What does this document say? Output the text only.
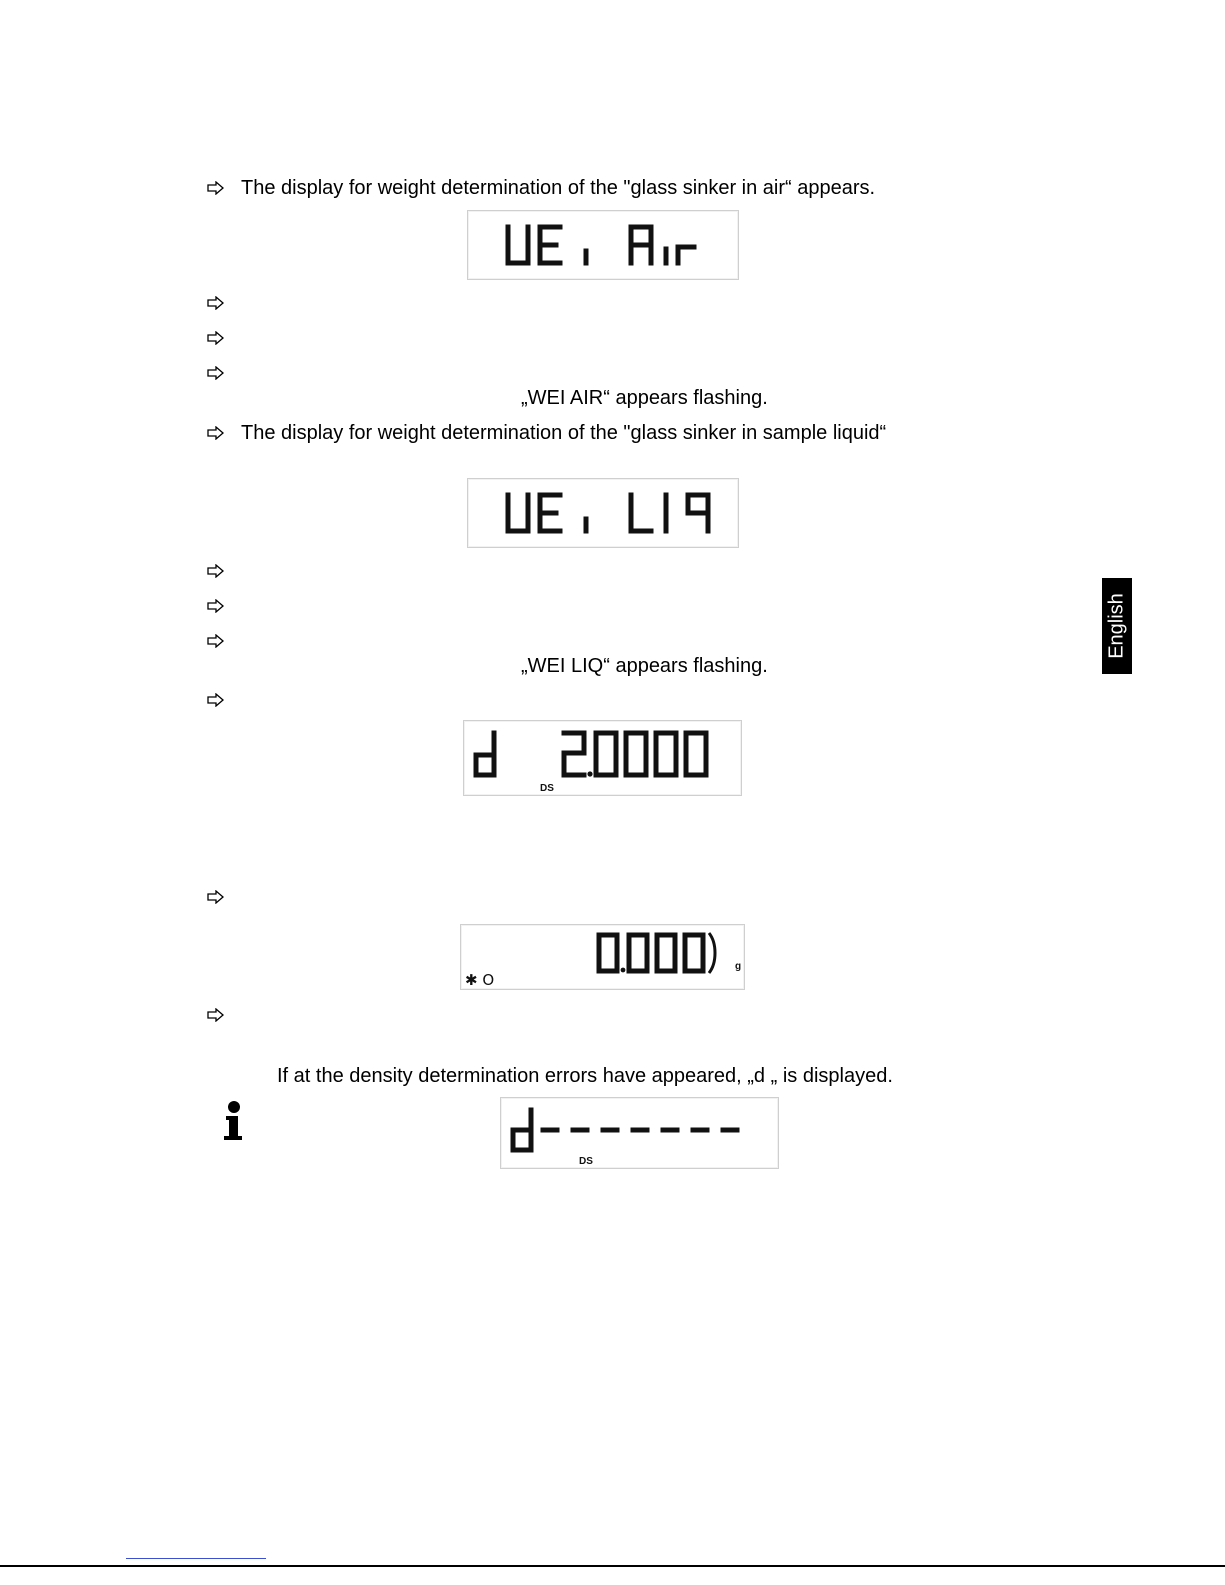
The display for weight determination of the "glass sinker in air“ appears.
„WEI AIR“ appears flashing.
The display for weight determination of the "glass sinker in sample liquid“
„WEI LIQ“ appears flashing.
DS
g
✱ O
If at the density determination errors have appeared, „d „ is displayed.
DS
English
